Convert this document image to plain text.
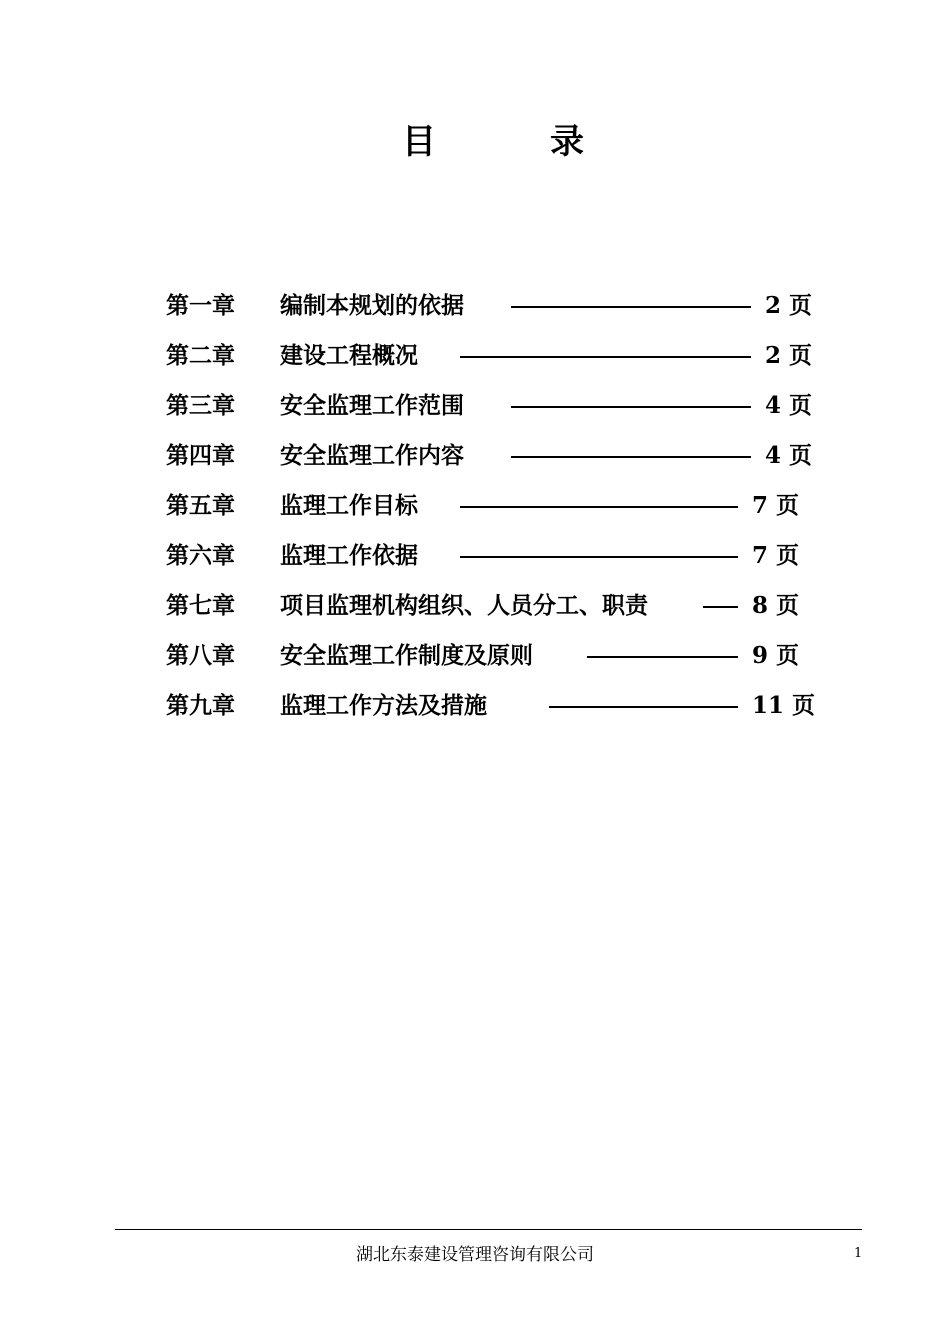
目	录
第一章 编制本规划的依据	2 页
第二章 建设工程概况	2 页
第三章 安全监理工作范围	4 页
第四章 安全监理工作内容	4 页
第五章 监理工作目标	7 页
第六章 监理工作依据	7 页
第七章 项目监理机构组织、人员分工、职责	8 页
第八章 安全监理工作制度及原则	9 页
第九章 监理工作方法及措施	11 页
湖北东泰建设管理咨询有限公司	1
